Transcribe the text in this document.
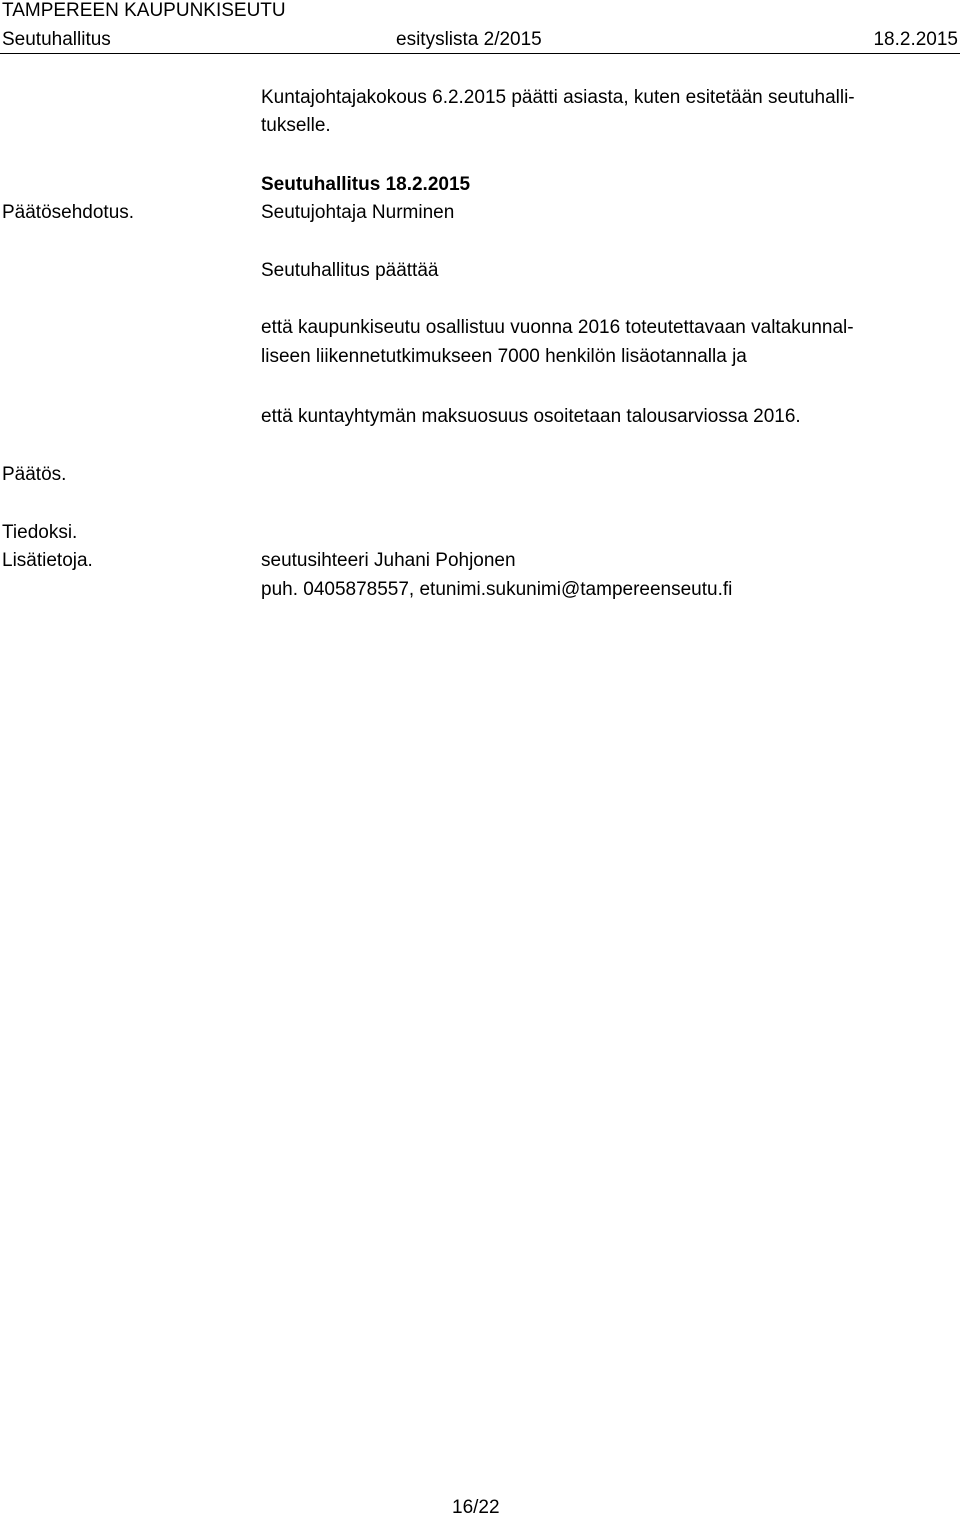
TAMPEREEN KAUPUNKISEUTU
Seutuhallitus	esityslista 2/2015	18.2.2015
Kuntajohtajakokous 6.2.2015 päätti asiasta, kuten esitetään seutuhalli-
tukselle.
Päätösehdotus.
Seutuhallitus 18.2.2015
Seutujohtaja Nurminen
Seutuhallitus päättää
että kaupunkiseutu osallistuu vuonna 2016 toteutettavaan valtakunnal-
liseen liikennetutkimukseen 7000 henkilön lisäotannalla ja
että kuntayhtymän maksuosuus osoitetaan talousarviossa 2016.
Päätös.
Tiedoksi.
Lisätietoja.	seutusihteeri Juhani Pohjonen
puh. 0405878557, etunimi.sukunimi@tampereenseutu.fi
16/22
